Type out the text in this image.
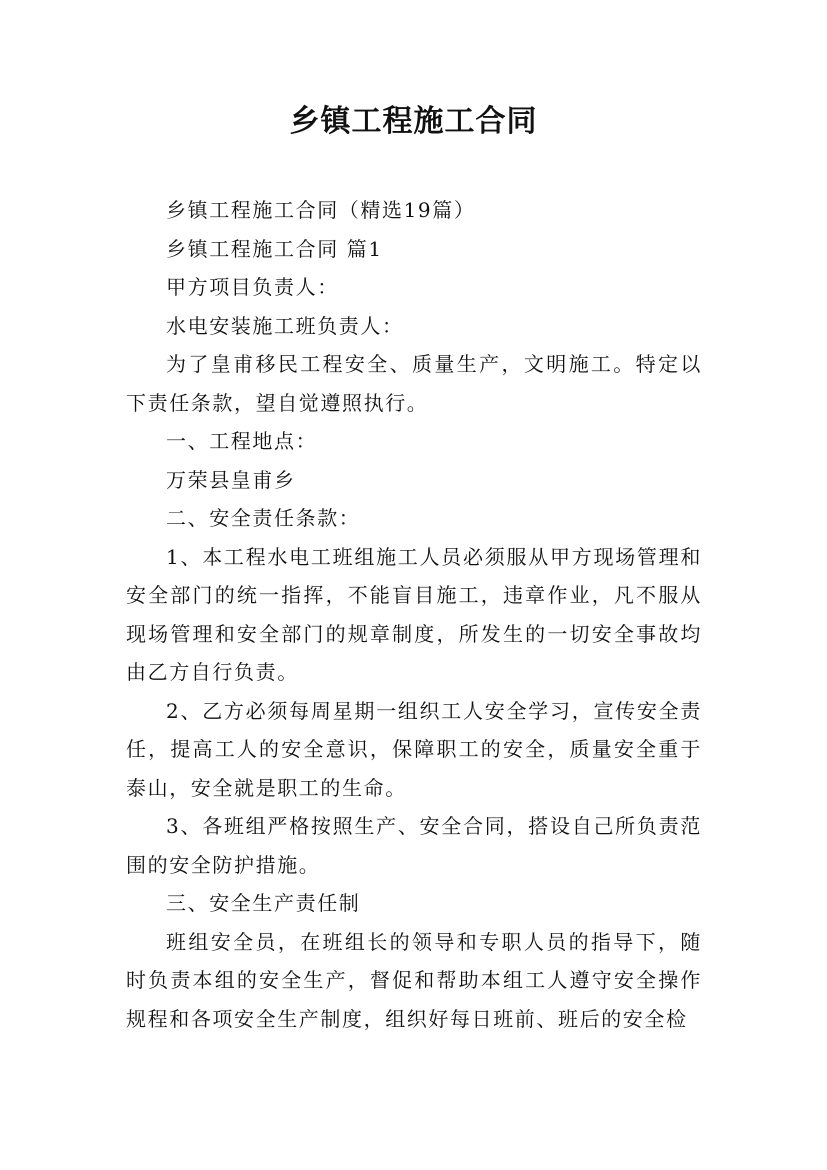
乡镇工程施工合同

乡镇工程施工合同（精选19篇）

乡镇工程施工合同 篇1

甲方项目负责人：

水电安装施工班负责人：

为了皇甫移民工程安全、质量生产，文明施工。特定以下责任条款，望自觉遵照执行。

一、工程地点：

万荣县皇甫乡

二、安全责任条款：

1、本工程水电工班组施工人员必须服从甲方现场管理和安全部门的统一指挥，不能盲目施工，违章作业，凡不服从现场管理和安全部门的规章制度，所发生的一切安全事故均由乙方自行负责。

2、乙方必须每周星期一组织工人安全学习，宣传安全责任，提高工人的安全意识，保障职工的安全，质量安全重于泰山，安全就是职工的生命。

3、各班组严格按照生产、安全合同，搭设自己所负责范围的安全防护措施。

三、安全生产责任制

班组安全员，在班组长的领导和专职人员的指导下，随时负责本组的安全生产，督促和帮助本组工人遵守安全操作规程和各项安全生产制度，组织好每日班前、班后的安全检
